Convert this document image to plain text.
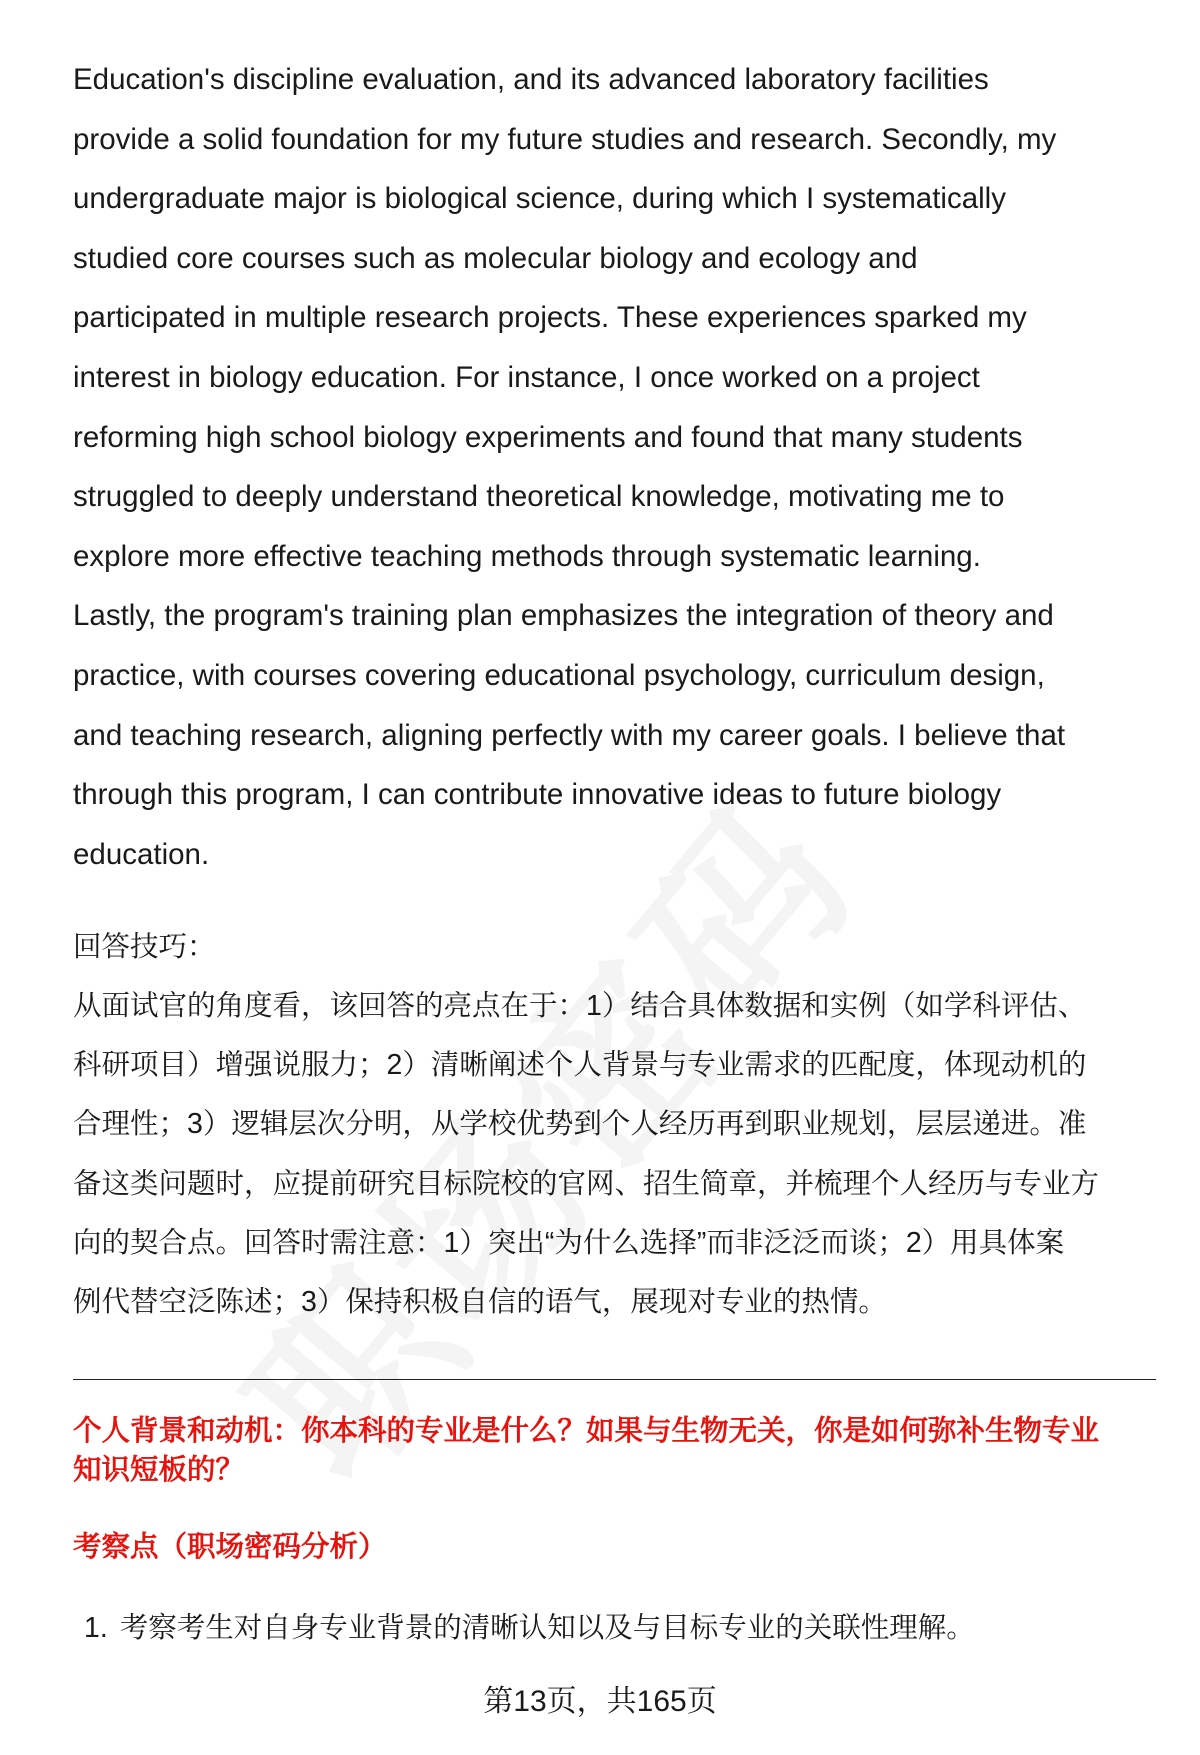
Education's discipline evaluation, and its advanced laboratory facilities
provide a solid foundation for my future studies and research. Secondly, my
undergraduate major is biological science, during which I systematically
studied core courses such as molecular biology and ecology and
participated in multiple research projects. These experiences sparked my
interest in biology education. For instance, I once worked on a project
reforming high school biology experiments and found that many students
struggled to deeply understand theoretical knowledge, motivating me to
explore more effective teaching methods through systematic learning.
Lastly, the program's training plan emphasizes the integration of theory and
practice, with courses covering educational psychology, curriculum design,
and teaching research, aligning perfectly with my career goals. I believe that
through this program, I can contribute innovative ideas to future biology
education.

回答技巧：

从面试官的角度看，该回答的亮点在于：1）结合具体数据和实例（如学科评估、
科研项目）增强说服力；2）清晰阐述个人背景与专业需求的匹配度，体现动机的
合理性；3）逻辑层次分明，从学校优势到个人经历再到职业规划，层层递进。准
备这类问题时，应提前研究目标院校的官网、招生简章，并梳理个人经历与专业方
向的契合点。回答时需注意：1）突出“为什么选择”而非泛泛而谈；2）用具体案
例代替空泛陈述；3）保持积极自信的语气，展现对专业的热情。

个人背景和动机：你本科的专业是什么？如果与生物无关，你是如何弥补生物专业
知识短板的？

考察点（职场密码分析）

1. 考察考生对自身专业背景的清晰认知以及与目标专业的关联性理解。

第13页，共165页
